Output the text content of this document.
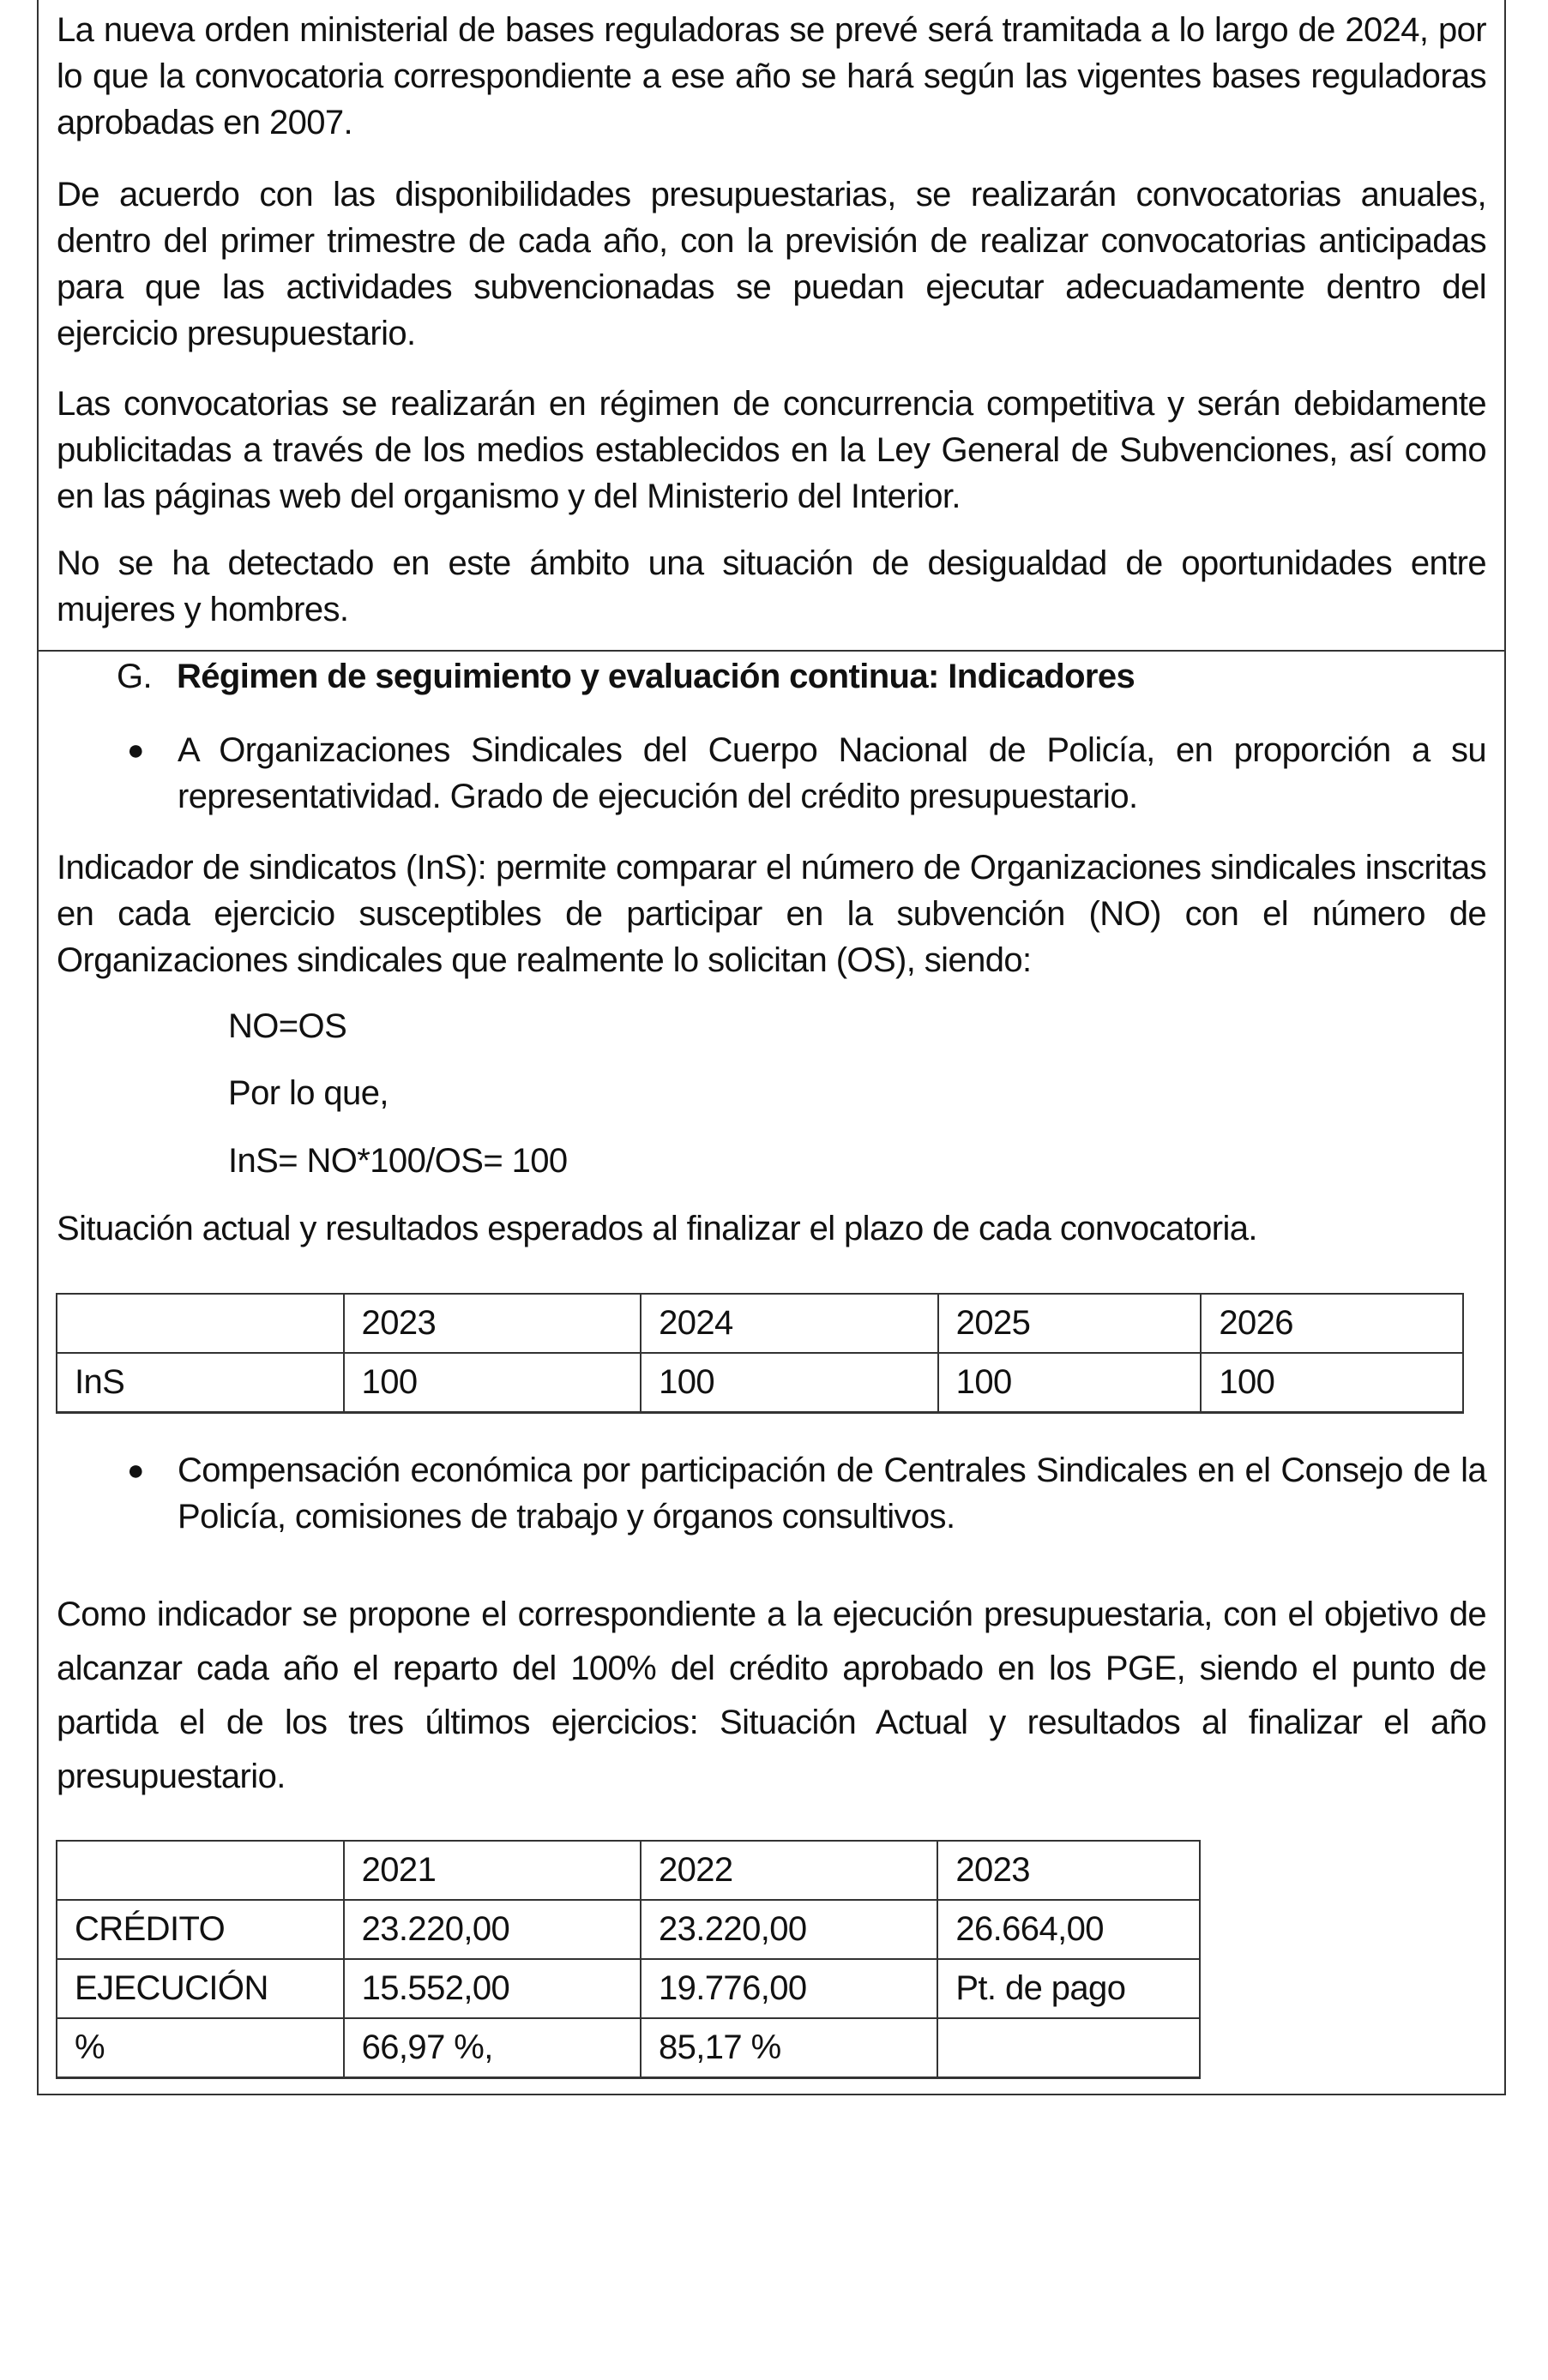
La nueva orden ministerial de bases reguladoras se prevé será tramitada a lo largo de 2024, por lo que la convocatoria correspondiente a ese año se hará según las vigentes bases reguladoras aprobadas en 2007.

De acuerdo con las disponibilidades presupuestarias, se realizarán convocatorias anuales, dentro del primer trimestre de cada año, con la previsión de realizar convocatorias anticipadas para que las actividades subvencionadas se puedan ejecutar adecuadamente dentro del ejercicio presupuestario.

Las convocatorias se realizarán en régimen de concurrencia competitiva y serán debidamente publicitadas a través de los medios establecidos en la Ley General de Subvenciones, así como en las páginas web del organismo y del Ministerio del Interior.

No se ha detectado en este ámbito una situación de desigualdad de oportunidades entre mujeres y hombres.

G. Régimen de seguimiento y evaluación continua: Indicadores
● A Organizaciones Sindicales del Cuerpo Nacional de Policía, en proporción a su representatividad. Grado de ejecución del crédito presupuestario.

Indicador de sindicatos (InS): permite comparar el número de Organizaciones sindicales inscritas en cada ejercicio susceptibles de participar en la subvención (NO) con el número de Organizaciones sindicales que realmente lo solicitan (OS), siendo:

NO=OS

Por lo que,

InS= NO*100/OS= 100

Situación actual y resultados esperados al finalizar el plazo de cada convocatoria.

	2023	2024	2025	2026
InS	100	100	100	100
● Compensación económica por participación de Centrales Sindicales en el Consejo de la Policía, comisiones de trabajo y órganos consultivos.

Como indicador se propone el correspondiente a la ejecución presupuestaria, con el objetivo de alcanzar cada año el reparto del 100% del crédito aprobado en los PGE, siendo el punto de partida el de los tres últimos ejercicios: Situación Actual y resultados al finalizar el año presupuestario.

	2021	2022	2023
CRÉDITO	23.220,00	23.220,00	26.664,00
EJECUCIÓN	15.552,00	19.776,00	Pt. de pago
%	66,97 %,	85,17 %	
